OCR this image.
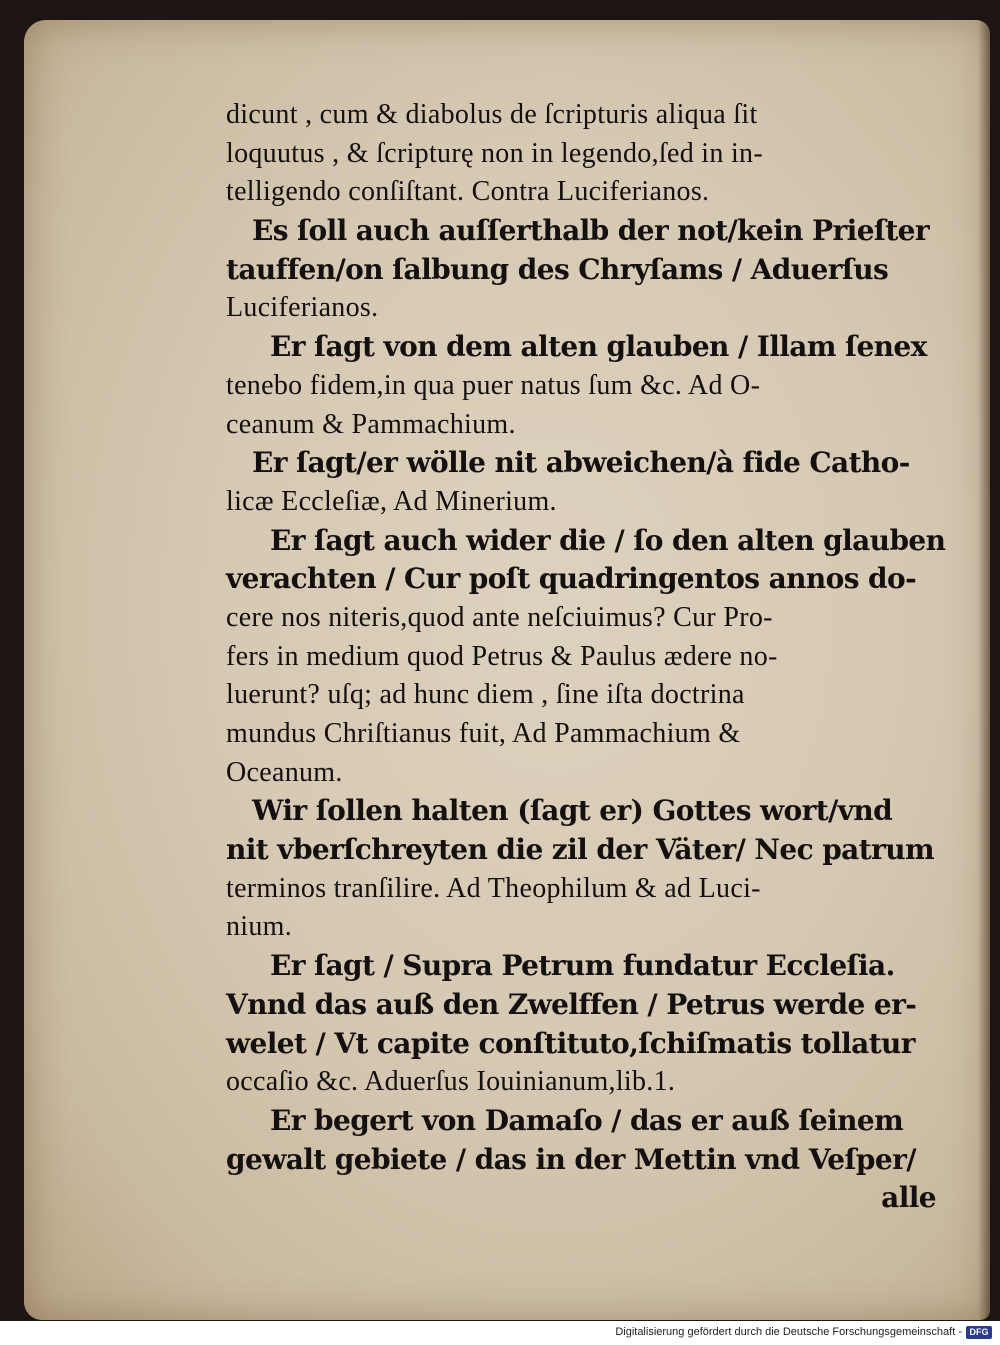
dicunt , cum & diabolus de ſcripturis aliqua ſit
loquutus , & ſcripturę non in legendo,ſed in in-
telligendo conſiſtant. Contra Luciferianos.
Es ſoll auch auſſerthalb der not/kein Prieſter
tauffen/on ſalbung des Chryſams / Aduerſus
Luciferianos.
Er ſagt von dem alten glauben / Illam ſenex
tenebo fidem,in qua puer natus ſum &c. Ad O-
ceanum & Pammachium.
Er ſagt/er wölle nit abweichen/à fide Catho-
licæ Eccleſiæ, Ad Minerium.
Er ſagt auch wider die / ſo den alten glauben
verachten / Cur poſt quadringentos annos do-
cere nos niteris,quod ante neſciuimus? Cur Pro-
fers in medium quod Petrus & Paulus ædere no-
luerunt? uſq; ad hunc diem , ſine iſta doctrina
mundus Chriſtianus fuit, Ad Pammachium &
Oceanum.
Wir ſollen halten (ſagt er) Gottes wort/vnd
nit vberſchreyten die zil der Väter/ Nec patrum
terminos tranſilire. Ad Theophilum & ad Luci-
nium.
Er ſagt / Supra Petrum fundatur Eccleſia.
Vnnd das auß den Zwelffen / Petrus werde er-
welet / Vt capite conſtituto,ſchiſmatis tollatur
occaſio &c. Aduerſus Iouinianum,lib.1.
Er begert von Damaſo / das er auß ſeinem
gewalt gebiete / das in der Mettin vnd Veſper/
alle
Digitalisierung gefördert durch die Deutsche Forschungsgemeinschaft - DFG
